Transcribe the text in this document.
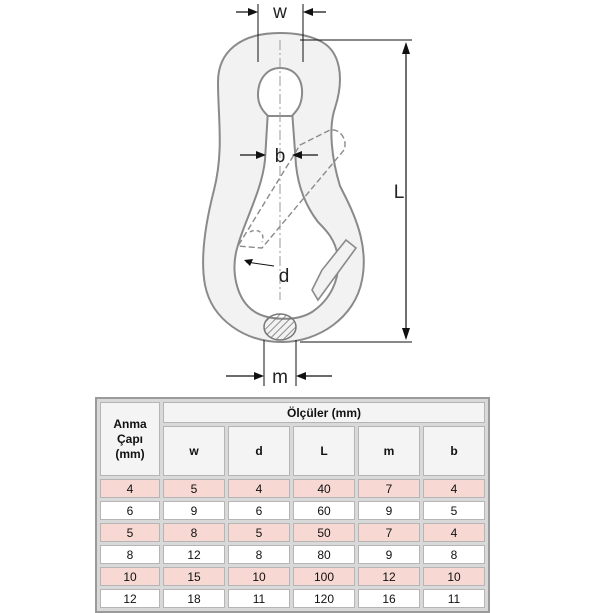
w
b
d
L
m
Anma
Çapı
(mm)	Ölçüler (mm)				
	w	d	L	m	b
4	5	4	40	7	4
6	9	6	60	9	5
5	8	5	50	7	4
8	12	8	80	9	8
10	15	10	100	12	10
12	18	11	120	16	11
